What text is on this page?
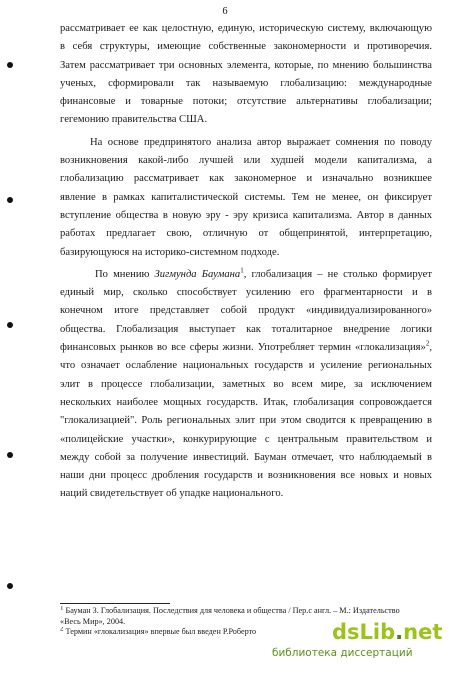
6
рассматривает ее как целостную, единую, историческую систему, включающую
в себя структуры, имеющие собственные закономерности и противоречия.
Затем рассматривает три основных элемента, которые, по мнению большинства
ученых, сформировали так называемую глобализацию: международные
финансовые и товарные потоки; отсутствие альтернативы глобализации;
гегемонию правительства США.
На основе предпринятого анализа автор выражает сомнения по поводу
возникновения какой-либо лучшей или худшей модели капитализма, а
глобализацию рассматривает как закономерное и изначально возникшее
явление в рамках капиталистической системы. Тем не менее, он фиксирует
вступление общества в новую эру - эру кризиса капитализма. Автор в данных
работах предлагает свою, отличную от общепринятой, интерпретацию,
базирующуюся на историко-системном подходе.
По мнению Зигмунда Баумана$^1$, глобализация – не столько формирует
единый мир, сколько способствует усилению его фрагментарности и в
конечном итоге представляет собой продукт «индивидуализированного»
общества. Глобализация выступает как тоталитарное внедрение логики
финансовых рынков во все сферы жизни. Употребляет термин «глокализация»$^2$,
что означает ослабление национальных государств и усиление региональных
элит в процессе глобализации, заметных во всем мире, за исключением
нескольких наиболее мощных государств. Итак, глобализация сопровождается
"глокализацией". Роль региональных элит при этом сводится к превращению в
«полицейские участки», конкурирующие с центральным правительством и
между собой за получение инвестиций. Бауман отмечает, что наблюдаемый в
наши дни процесс дробления государств и возникновения все новых и новых
наций свидетельствует об упадке национального.
$^1$ Бауман З. Глобализация. Последствия для человека и общества / Пер.с англ. – М.: Издательство
«Весь Мир», 2004.
$^2$ Термин «глокализация» впервые был введен Р.Роберто	dsLib.net
библиотека диссертаций
